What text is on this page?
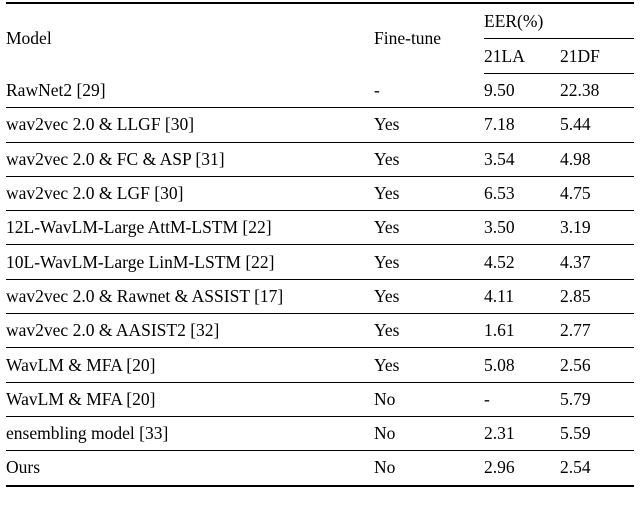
Model	Fine-tune	EER(%)	
		21LA	21DF
RawNet2 [29]	-	9.50	22.38
wav2vec 2.0 & LLGF [30]	Yes	7.18	5.44
wav2vec 2.0 & FC & ASP [31]	Yes	3.54	4.98
wav2vec 2.0 & LGF [30]	Yes	6.53	4.75
12L-WavLM-Large AttM-LSTM [22]	Yes	3.50	3.19
10L-WavLM-Large LinM-LSTM [22]	Yes	4.52	4.37
wav2vec 2.0 & Rawnet & ASSIST [17]	Yes	4.11	2.85
wav2vec 2.0 & AASIST2 [32]	Yes	1.61	2.77
WavLM & MFA [20]	Yes	5.08	2.56
WavLM & MFA [20]	No	-	5.79
ensembling model [33]	No	2.31	5.59
Ours	No	2.96	2.54
